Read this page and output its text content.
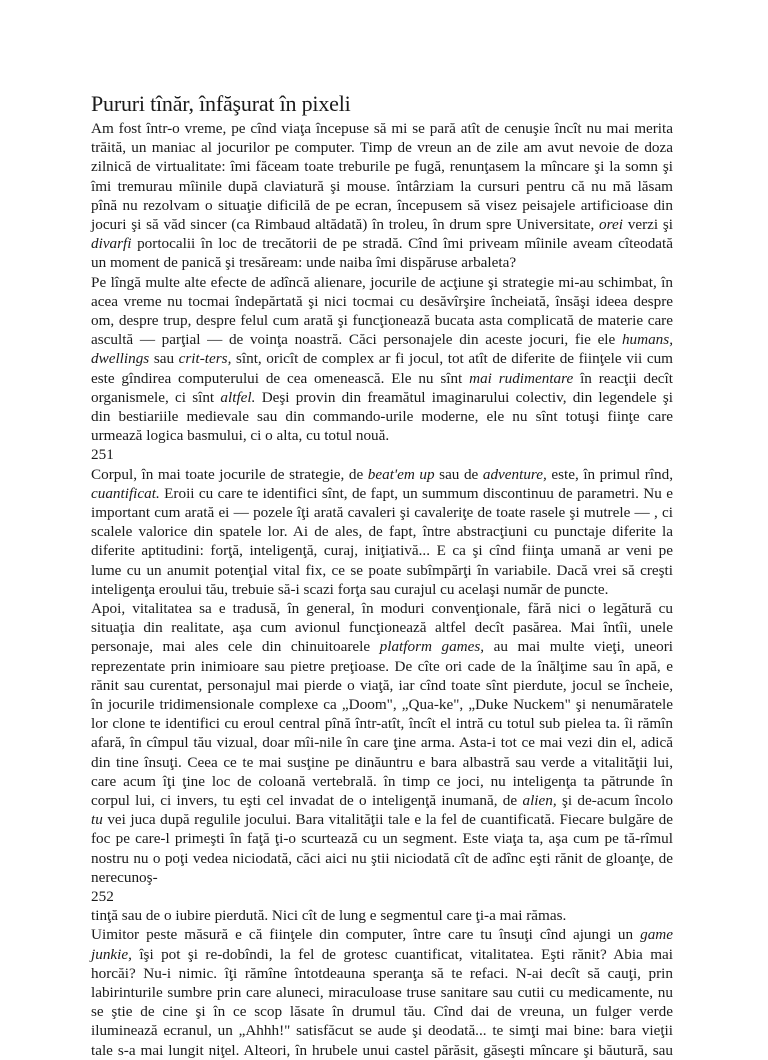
Pururi tînăr, înfăşurat în pixeli
Am fost într-o vreme, pe cînd viaţa începuse să mi se pară atît de cenuşie încît nu mai merita
trăită, un maniac al jocurilor pe computer. Timp de vreun an de zile am avut nevoie de doza
zilnică de virtualitate: îmi făceam toate treburile pe fugă, renunţasem la mîncare şi la somn şi
îmi tremurau mîinile după claviatură şi mouse. întârziam la cursuri pentru că nu mă lăsam
pînă nu rezolvam o situaţie dificilă de pe ecran, începusem să visez peisajele artificioase din
jocuri şi să văd sincer (ca Rimbaud altădată) în troleu, în drum spre Universitate, orei verzi şi
divarfi portocalii în loc de trecătorii de pe stradă. Cînd îmi priveam mîinile aveam cîteodată
un moment de panică şi tresăream: unde naiba îmi dispăruse arbaleta?
Pe lîngă multe alte efecte de adîncă alienare, jocurile de acţiune şi strategie mi-au schimbat, în
acea vreme nu tocmai îndepărtată şi nici tocmai cu desăvîrşire încheiată, însăşi ideea despre
om, despre trup, despre felul cum arată şi funcţionează bucata asta complicată de materie care
ascultă — parţial — de voinţa noastră. Căci personajele din aceste jocuri, fie ele humans,
dwellings sau crit-ters, sînt, oricît de complex ar fi jocul, tot atît de diferite de fiinţele vii cum
este gîndirea computerului de cea omenească. Ele nu sînt mai rudimentare în reacţii decît
organismele, ci sînt altfel. Deşi provin din freamătul imaginarului colectiv, din legendele şi
din bestiariile medievale sau din commando-urile moderne, ele nu sînt totuşi fiinţe care
urmează logica basmului, ci o alta, cu totul nouă.
251
Corpul, în mai toate jocurile de strategie, de beat'em up sau de adventure, este, în primul rînd,
cuantificat. Eroii cu care te identifici sînt, de fapt, un summum discontinuu de parametri. Nu e
important cum arată ei — pozele îţi arată cavaleri şi cavaleriţe de toate rasele şi mutrele — , ci
scalele valorice din spatele lor. Ai de ales, de fapt, între abstracţiuni cu punctaje diferite la
diferite aptitudini: forţă, inteligenţă, curaj, iniţiativă... E ca şi cînd fiinţa umană ar veni pe
lume cu un anumit potenţial vital fix, ce se poate subîmpărţi în variabile. Dacă vrei să creşti
inteligenţa eroului tău, trebuie să-i scazi forţa sau curajul cu acelaşi număr de puncte.
Apoi, vitalitatea sa e tradusă, în general, în moduri convenţionale, fără nici o legătură cu
situaţia din realitate, aşa cum avionul funcţionează altfel decît pasărea. Mai întîi, unele
personaje, mai ales cele din chinuitoarele platform games, au mai multe vieţi, uneori
reprezentate prin inimioare sau pietre preţioase. De cîte ori cade de la înălţime sau în apă, e
rănit sau curentat, personajul mai pierde o viaţă, iar cînd toate sînt pierdute, jocul se încheie,
în jocurile tridimensionale complexe ca „Doom", „Qua-ke", „Duke Nuckem" şi nenumăratele
lor clone te identifici cu eroul central pînă într-atît, încît el intră cu totul sub pielea ta. îi rămîn
afară, în cîmpul tău vizual, doar mîi-nile în care ţine arma. Asta-i tot ce mai vezi din el, adică
din tine însuţi. Ceea ce te mai susţine pe dinăuntru e bara albastră sau verde a vitalităţii lui,
care acum îţi ţine loc de coloană vertebrală. în timp ce joci, nu inteligenţa ta pătrunde în
corpul lui, ci invers, tu eşti cel invadat de o inteligenţă inumană, de alien, şi de-acum încolo
tu vei juca după regulile jocului. Bara vitalităţii tale e la fel de cuantificată. Fiecare bulgăre de
foc pe care-l primeşti în faţă ţi-o scurtează cu un segment. Este viaţa ta, aşa cum pe tă-rîmul
nostru nu o poţi vedea niciodată, căci aici nu ştii niciodată cît de adînc eşti rănit de gloanţe, de
nerecunoş-
252
tinţă sau de o iubire pierdută. Nici cît de lung e segmentul care ţi-a mai rămas.
Uimitor peste măsură e că fiinţele din computer, între care tu însuţi cînd ajungi un game
junkie, îşi pot şi re-dobîndi, la fel de grotesc cuantificat, vitalitatea. Eşti rănit? Abia mai
horcăi? Nu-i nimic. îţi rămîne întotdeauna speranţa să te refaci. N-ai decît să cauţi, prin
labirinturile sumbre prin care aluneci, miraculoase truse sanitare sau cutii cu medicamente, nu
se ştie de cine şi în ce scop lăsate în drumul tău. Cînd dai de vreuna, un fulger verde
iluminează ecranul, un „Ahhh!" satisfăcut se aude şi deodată... te simţi mai bine: bara vieţii
tale s-a mai lungit niţel. Alteori, în hrubele unui castel părăsit, găseşti mîncare şi băutură, sau
